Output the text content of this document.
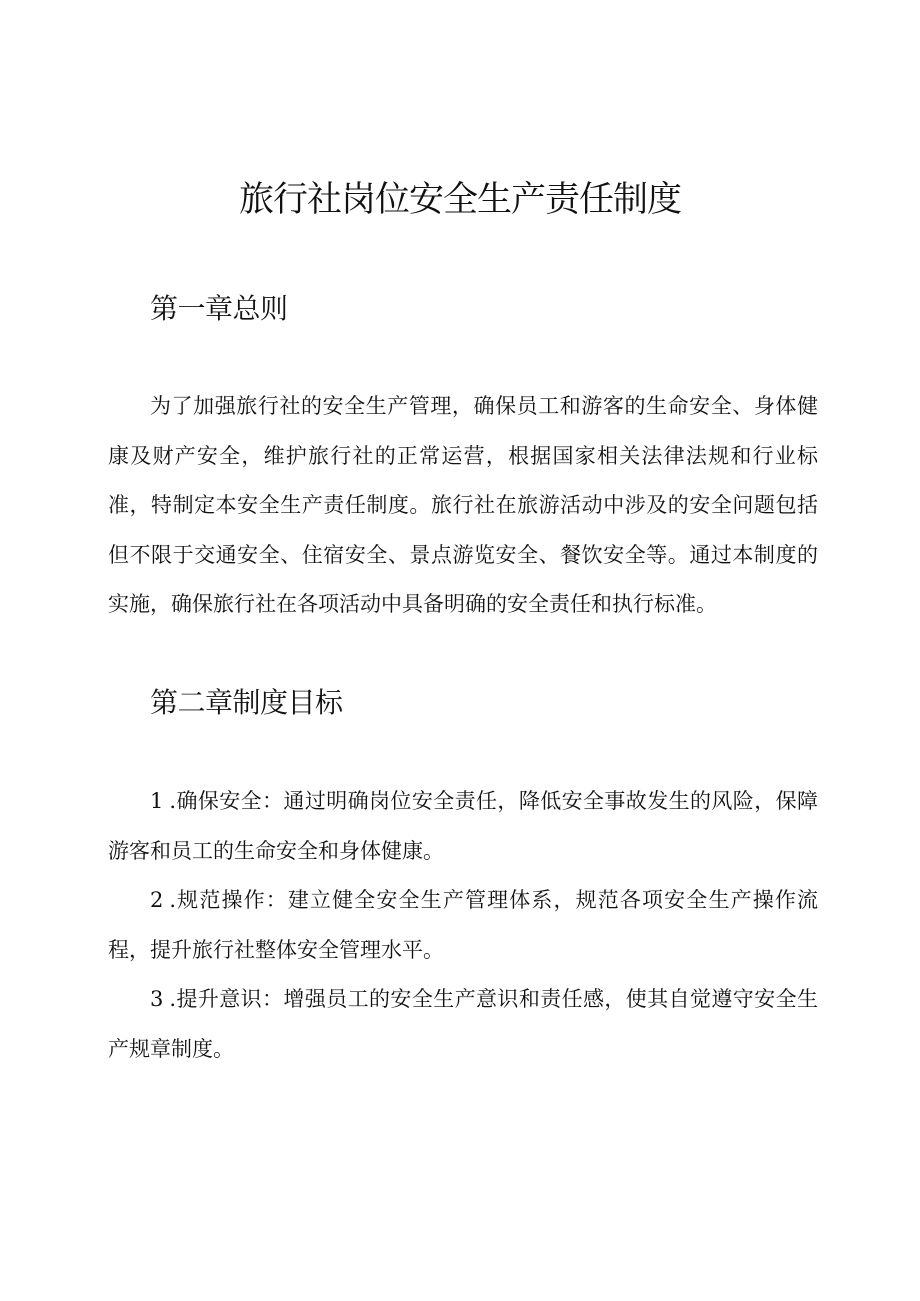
旅行社岗位安全生产责任制度
第一章总则

为了加强旅行社的安全生产管理，确保员工和游客的生命安全、身体健康及财产安全，维护旅行社的正常运营，根据国家相关法律法规和行业标准，特制定本安全生产责任制度。旅行社在旅游活动中涉及的安全问题包括但不限于交通安全、住宿安全、景点游览安全、餐饮安全等。通过本制度的实施，确保旅行社在各项活动中具备明确的安全责任和执行标准。

第二章制度目标

1 .确保安全：通过明确岗位安全责任，降低安全事故发生的风险，保障游客和员工的生命安全和身体健康。

2 .规范操作：建立健全安全生产管理体系，规范各项安全生产操作流程，提升旅行社整体安全管理水平。

3 .提升意识：增强员工的安全生产意识和责任感，使其自觉遵守安全生产规章制度。
